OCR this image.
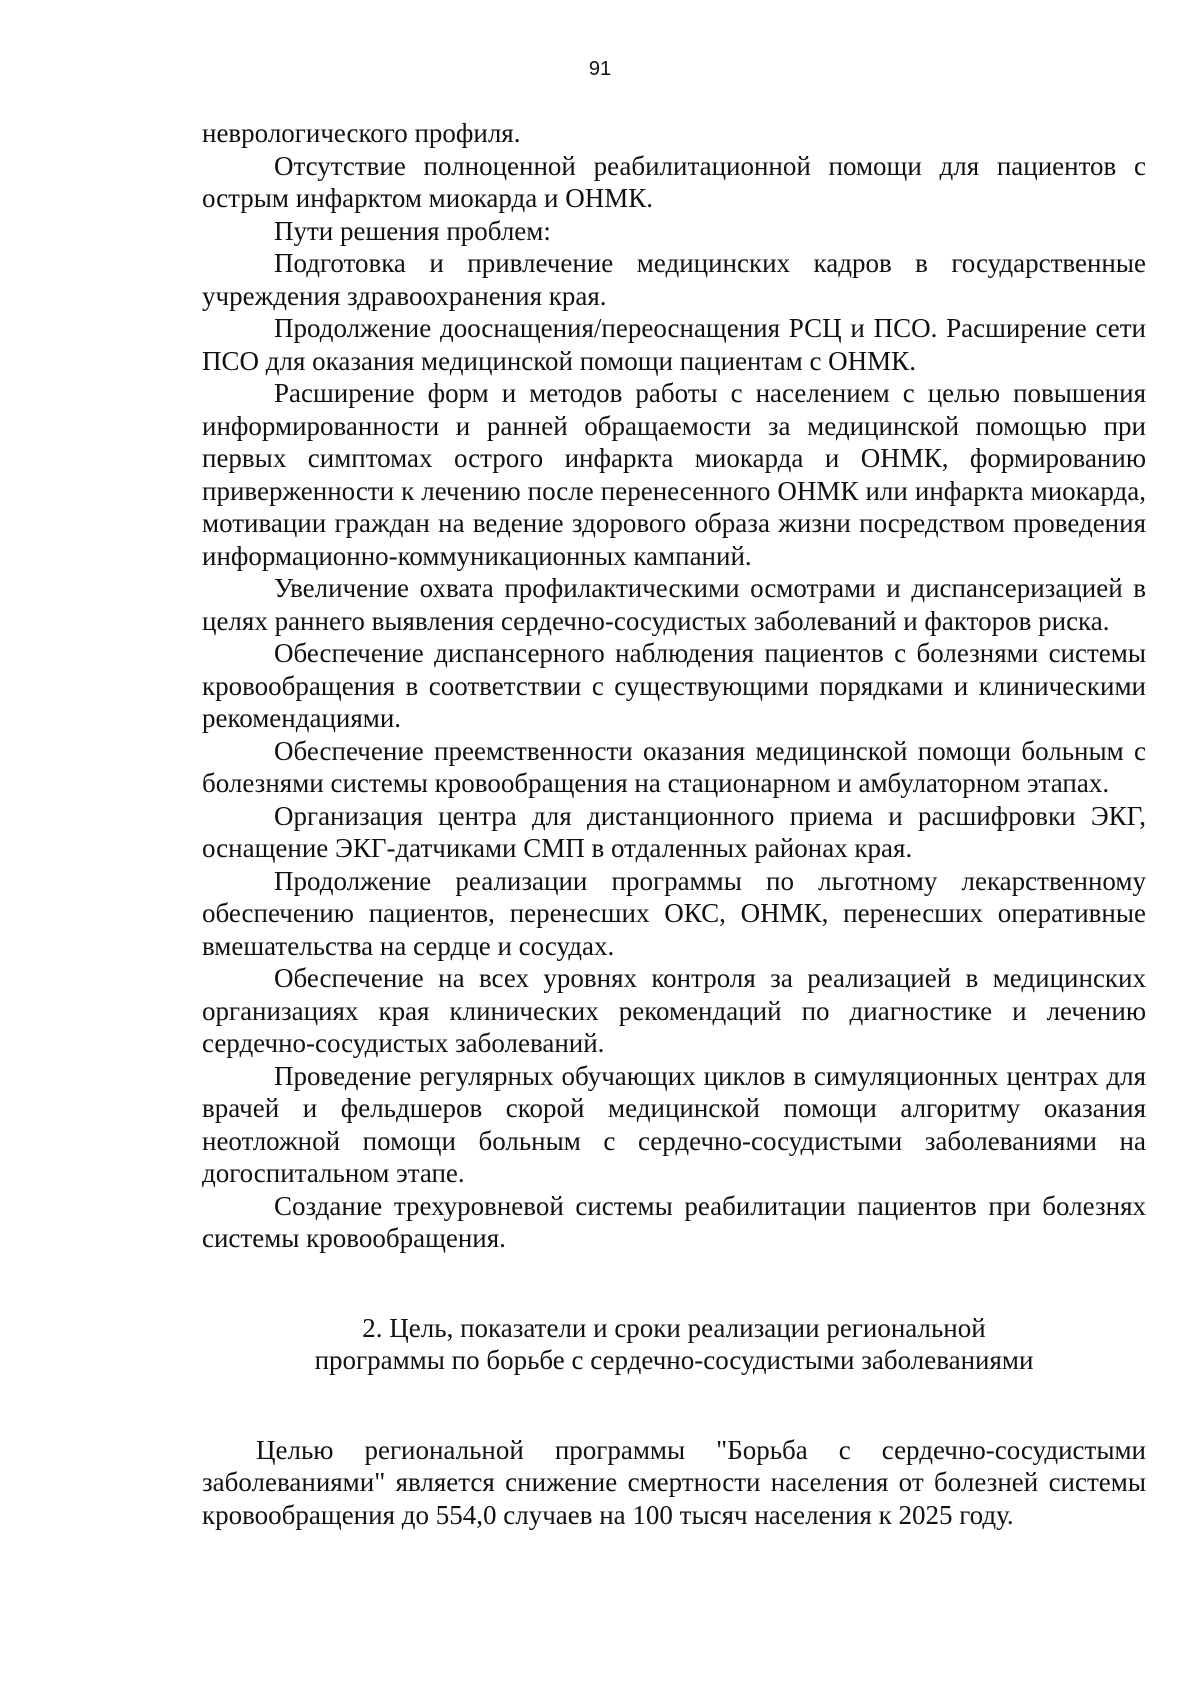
91

неврологического профиля.

Отсутствие полноценной реабилитационной помощи для пациентов с острым инфарктом миокарда и ОНМК.

Пути решения проблем:

Подготовка и привлечение медицинских кадров в государственные учреждения здравоохранения края.

Продолжение дооснащения/переоснащения РСЦ и ПСО. Расширение сети ПСО для оказания медицинской помощи пациентам с ОНМК.

Расширение форм и методов работы с населением с целью повышения информированности и ранней обращаемости за медицинской помощью при первых симптомах острого инфаркта миокарда и ОНМК, формированию приверженности к лечению после перенесенного ОНМК или инфаркта миокарда, мотивации граждан на ведение здорового образа жизни посредством проведения информационно-коммуникационных кампаний.

Увеличение охвата профилактическими осмотрами и диспансеризацией в целях раннего выявления сердечно-сосудистых заболеваний и факторов риска.

Обеспечение диспансерного наблюдения пациентов с болезнями системы кровообращения в соответствии с существующими порядками и клиническими рекомендациями.

Обеспечение преемственности оказания медицинской помощи больным с болезнями системы кровообращения на стационарном и амбулаторном этапах.

Организация центра для дистанционного приема и расшифровки ЭКГ, оснащение ЭКГ-датчиками СМП в отдаленных районах края.

Продолжение реализации программы по льготному лекарственному обеспечению пациентов, перенесших ОКС, ОНМК, перенесших оперативные вмешательства на сердце и сосудах.

Обеспечение на всех уровнях контроля за реализацией в медицинских организациях края клинических рекомендаций по диагностике и лечению сердечно-сосудистых заболеваний.

Проведение регулярных обучающих циклов в симуляционных центрах для врачей и фельдшеров скорой медицинской помощи алгоритму оказания неотложной помощи больным с сердечно-сосудистыми заболеваниями на догоспитальном этапе.

Создание трехуровневой системы реабилитации пациентов при болезнях системы кровообращения.

2. Цель, показатели и сроки реализации региональной
программы по борьбе с сердечно-сосудистыми заболеваниями

Целью региональной программы "Борьба с сердечно-сосудистыми заболеваниями" является снижение смертности населения от болезней системы кровообращения до 554,0 случаев на 100 тысяч населения к 2025 году.
